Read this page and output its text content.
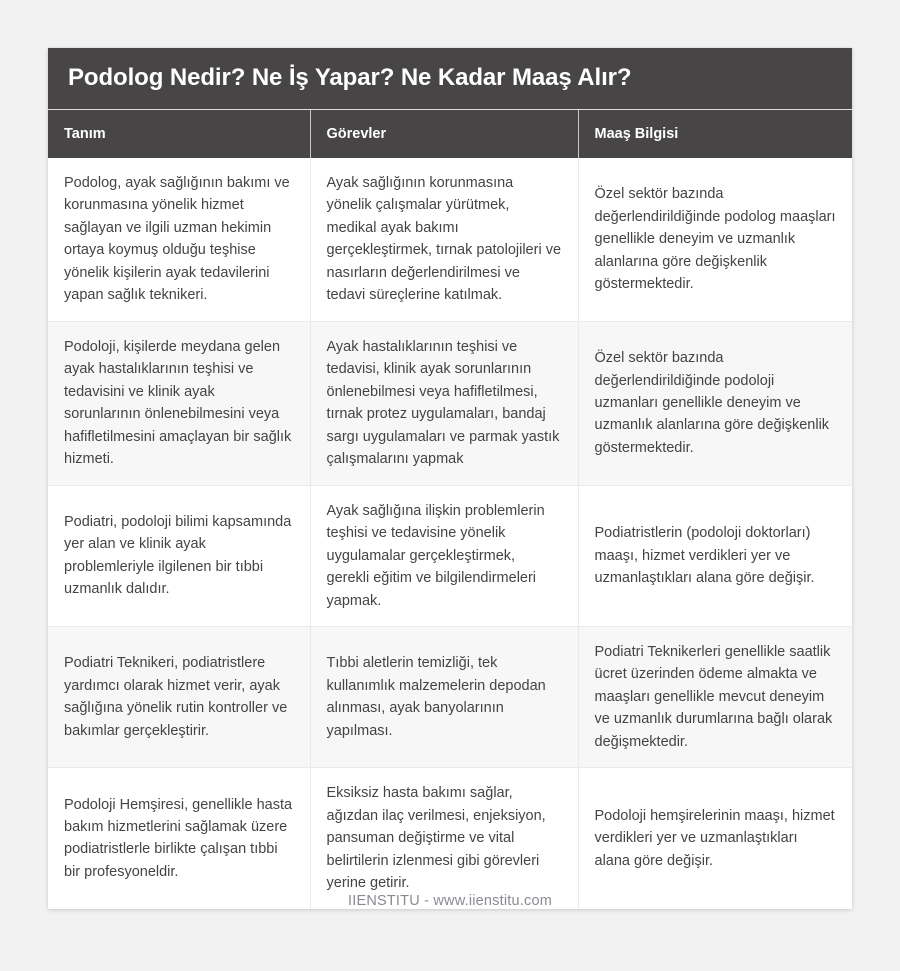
Podolog Nedir? Ne İş Yapar? Ne Kadar Maaş Alır?
Tanım	Görevler	Maaş Bilgisi
Podolog, ayak sağlığının bakımı ve korunmasına yönelik hizmet sağlayan ve ilgili uzman hekimin ortaya koymuş olduğu teşhise yönelik kişilerin ayak tedavilerini yapan sağlık teknikeri.	Ayak sağlığının korunmasına yönelik çalışmalar yürütmek, medikal ayak bakımı gerçekleştirmek, tırnak patolojileri ve nasırların değerlendirilmesi ve tedavi süreçlerine katılmak.	Özel sektör bazında değerlendirildiğinde podolog maaşları genellikle deneyim ve uzmanlık alanlarına göre değişkenlik göstermektedir.
Podoloji, kişilerde meydana gelen ayak hastalıklarının teşhisi ve tedavisini ve klinik ayak sorunlarının önlenebilmesini veya hafifletilmesini amaçlayan bir sağlık hizmeti.	Ayak hastalıklarının teşhisi ve tedavisi, klinik ayak sorunlarının önlenebilmesi veya hafifletilmesi, tırnak protez uygulamaları, bandaj sargı uygulamaları ve parmak yastık çalışmalarını yapmak	Özel sektör bazında değerlendirildiğinde podoloji uzmanları genellikle deneyim ve uzmanlık alanlarına göre değişkenlik göstermektedir.
Podiatri, podoloji bilimi kapsamında yer alan ve klinik ayak problemleriyle ilgilenen bir tıbbi uzmanlık dalıdır.	Ayak sağlığına ilişkin problemlerin teşhisi ve tedavisine yönelik uygulamalar gerçekleştirmek, gerekli eğitim ve bilgilendirmeleri yapmak.	Podiatristlerin (podoloji doktorları) maaşı, hizmet verdikleri yer ve uzmanlaştıkları alana göre değişir.
Podiatri Teknikeri, podiatristlere yardımcı olarak hizmet verir, ayak sağlığına yönelik rutin kontroller ve bakımlar gerçekleştirir.	Tıbbi aletlerin temizliği, tek kullanımlık malzemelerin depodan alınması, ayak banyolarının yapılması.	Podiatri Teknikerleri genellikle saatlik ücret üzerinden ödeme almakta ve maaşları genellikle mevcut deneyim ve uzmanlık durumlarına bağlı olarak değişmektedir.
Podoloji Hemşiresi, genellikle hasta bakım hizmetlerini sağlamak üzere podiatristlerle birlikte çalışan tıbbi bir profesyoneldir.	Eksiksiz hasta bakımı sağlar, ağızdan ilaç verilmesi, enjeksiyon, pansuman değiştirme ve vital belirtilerin izlenmesi gibi görevleri yerine getirir.	Podoloji hemşirelerinin maaşı, hizmet verdikleri yer ve uzmanlaştıkları alana göre değişir.
IIENSTITU - www.iienstitu.com
